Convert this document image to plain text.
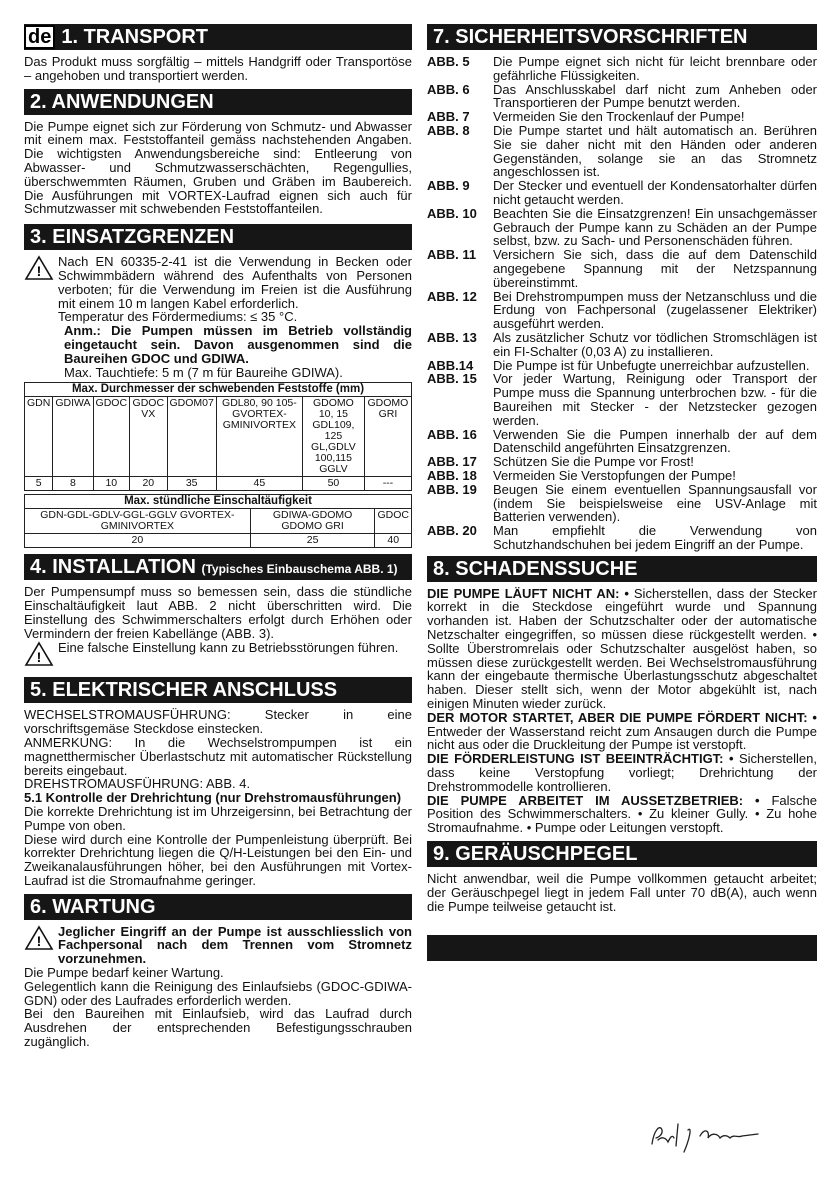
de 1. TRANSPORT

Das Produkt muss sorgfältig – mittels Handgriff oder Transportöse – angehoben und transportiert werden.

2. ANWENDUNGEN

Die Pumpe eignet sich zur Förderung von Schmutz- und Abwasser mit einem max. Feststoffanteil gemäss nachstehenden Angaben. Die wichtigsten Anwendungsbereiche sind: Entleerung von Abwasser- und Schmutzwasserschächten, Regengullies, überschwemmten Räumen, Gruben und Gräben im Baubereich. Die Ausführungen mit VORTEX-Laufrad eignen sich auch für Schmutzwasser mit schwebenden Feststoffanteilen.

3. EINSATZGRENZEN
!

Nach EN 60335-2-41 ist die Verwendung in Becken oder Schwimmbädern während des Aufenthalts von Personen verboten; für die Verwendung im Freien ist die Ausführung mit einem 10 m langen Kabel erforderlich.

Temperatur des Fördermediums: ≤ 35 °C.

Anm.: Die Pumpen müssen im Betrieb vollständig eingetaucht sein. Davon ausgenommen sind die Baureihen GDOC und GDIWA.

Max. Tauchtiefe: 5 m (7 m für Baureihe GDIWA).

Max. Durchmesser der schwebenden Feststoffe (mm)							
GDN	GDIWA	GDOC	GDOC VX	GDOM07	GDL80, 90 105- GVORTEX- GMINIVORTEX	GDOMO 10, 15 GDL109, 125 GL,GDLV 100,115 GGLV	GDOMO GRI
5	8	10	20	35	45	50	---
Max. stündliche Einschaltäufigkeit		
GDN-GDL-GDLV-GGL-GGLV GVORTEX-GMINIVORTEX	GDIWA-GDOMO GDOMO GRI	GDOC
20	25	40
4. INSTALLATION (Typisches Einbauschema ABB. 1)

Der Pumpensumpf muss so bemessen sein, dass die stündliche Einschaltäufigkeit laut ABB. 2 nicht überschritten wird. Die Einstellung des Schwimmerschalters erfolgt durch Erhöhen oder Vermindern der freien Kabellänge (ABB. 3).

!

Eine falsche Einstellung kann zu Betriebsstörungen führen.

5. ELEKTRISCHER ANSCHLUSS

WECHSELSTROMAUSFÜHRUNG: Stecker in eine vorschriftsgemäse Steckdose einstecken.

ANMERKUNG: In die Wechselstrompumpen ist ein magnetthermischer Überlastschutz mit automatischer Rückstellung bereits eingebaut.

DREHSTROMAUSFÜHRUNG: ABB. 4.

5.1 Kontrolle der Drehrichtung (nur Drehstromausführungen)

Die korrekte Drehrichtung ist im Uhrzeigersinn, bei Betrachtung der Pumpe von oben.

Diese wird durch eine Kontrolle der Pumpenleistung überprüft. Bei korrekter Drehrichtung liegen die Q/H-Leistungen bei den Ein- und Zweikanalausführungen höher, bei den Ausführungen mit Vortex-Laufrad ist die Stromaufnahme geringer.

6. WARTUNG
!

Jeglicher Eingriff an der Pumpe ist ausschliesslich von Fachpersonal nach dem Trennen vom Stromnetz vorzunehmen.

Die Pumpe bedarf keiner Wartung.

Gelegentlich kann die Reinigung des Einlaufsiebs (GDOC-GDIWA-GDN) oder des Laufrades erforderlich werden.

Bei den Baureihen mit Einlaufsieb, wird das Laufrad durch Ausdrehen der entsprechenden Befestigungsschrauben zugänglich.

7. SICHERHEITSVORSCHRIFTEN
ABB. 5	Die Pumpe eignet sich nicht für leicht brennbare oder gefährliche Flüssigkeiten.
ABB. 6	Das Anschlusskabel darf nicht zum Anheben oder Transportieren der Pumpe benutzt werden.
ABB. 7	Vermeiden Sie den Trockenlauf der Pumpe!
ABB. 8	Die Pumpe startet und hält automatisch an. Berühren Sie sie daher nicht mit den Händen oder anderen Gegenständen, solange sie an das Stromnetz angeschlossen ist.
ABB. 9	Der Stecker und eventuell der Kondensatorhalter dürfen nicht getaucht werden.
ABB. 10	Beachten Sie die Einsatzgrenzen! Ein unsachgemässer Gebrauch der Pumpe kann zu Schäden an der Pumpe selbst, bzw. zu Sach- und Personenschäden führen.
ABB. 11	Versichern Sie sich, dass die auf dem Datenschild angegebene Spannung mit der Netzspannung übereinstimmt.
ABB. 12	Bei Drehstrompumpen muss der Netzanschluss und die Erdung von Fachpersonal (zugelassener Elektriker) ausgeführt werden.
ABB. 13	Als zusätzlicher Schutz vor tödlichen Stromschlägen ist ein FI-Schalter (0,03 A) zu installieren.
ABB.14	Die Pumpe ist für Unbefugte unerreichbar aufzustellen.
ABB. 15	Vor jeder Wartung, Reinigung oder Transport der Pumpe muss die Spannung unterbrochen bzw. - für die Baureihen mit Stecker - der Netzstecker gezogen werden.
ABB. 16	Verwenden Sie die Pumpen innerhalb der auf dem Datenschild angeführten Einsatzgrenzen.
ABB. 17	Schützen Sie die Pumpe vor Frost!
ABB. 18	Vermeiden Sie Verstopfungen der Pumpe!
ABB. 19	Beugen Sie einem eventuellen Spannungsausfall vor (indem Sie beispielsweise eine USV-Anlage mit Batterien verwenden).
ABB. 20	Man empfiehlt die Verwendung von Schutzhandschuhen bei jedem Eingriff an der Pumpe.
8. SCHADENSSUCHE

DIE PUMPE LÄUFT NICHT AN: • Sicherstellen, dass der Stecker korrekt in die Steckdose eingeführt wurde und Spannung vorhanden ist. Haben der Schutzschalter oder der automatische Netzschalter eingegriffen, so müssen diese rückgestellt werden. • Sollte Überstromrelais oder Schutzschalter ausgelöst haben, so müssen diese zurückgestellt werden. Bei Wechselstromausführung kann der eingebaute thermische Überlastungsschutz abgeschaltet haben. Dieser stellt sich, wenn der Motor abgekühlt ist, nach einigen Minuten wieder zurück.

DER MOTOR STARTET, ABER DIE PUMPE FÖRDERT NICHT: • Entweder der Wasserstand reicht zum Ansaugen durch die Pumpe nicht aus oder die Druckleitung der Pumpe ist verstopft.

DIE FÖRDERLEISTUNG IST BEEINTRÄCHTIGT: • Sicherstellen, dass keine Verstopfung vorliegt; Drehrichtung der Drehstrommodelle kontrollieren.

DIE PUMPE ARBEITET IM AUSSETZBETRIEB: • Falsche Position des Schwimmerschalters. • Zu kleiner Gully. • Zu hohe Stromaufnahme. • Pumpe oder Leitungen verstopft.

9. GERÄUSCHPEGEL

Nicht anwendbar, weil die Pumpe vollkommen getaucht arbeitet; der Geräuschpegel liegt in jedem Fall unter 70 dB(A), auch wenn die Pumpe teilweise getaucht ist.
